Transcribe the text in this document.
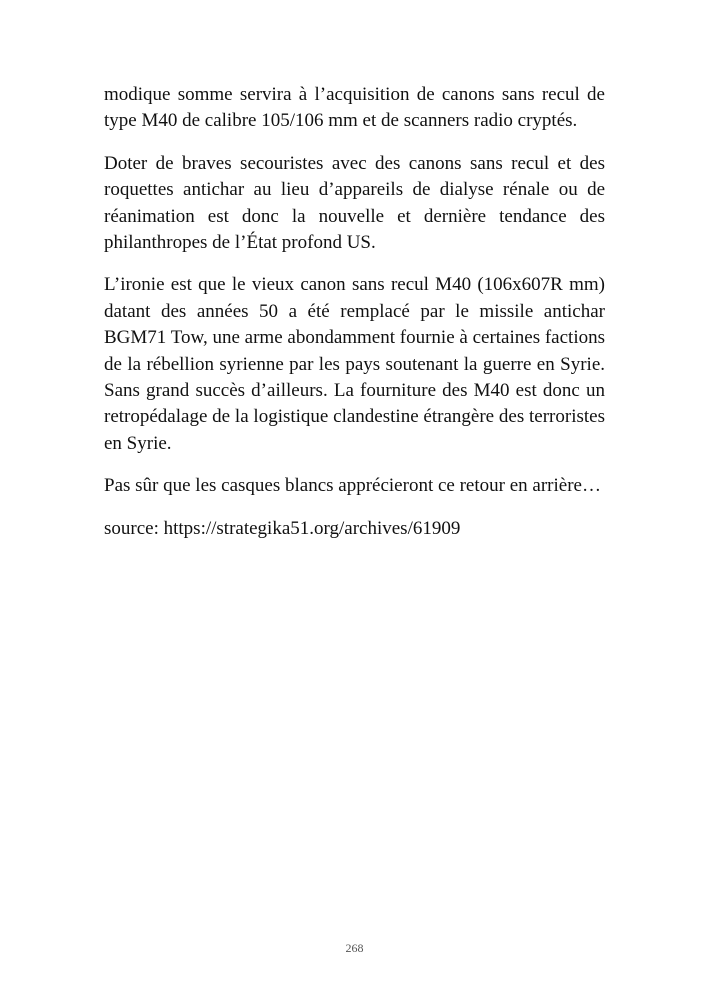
modique somme servira à l’acquisition de canons sans recul de type M40 de calibre 105/106 mm et de scanners radio cryptés.

Doter de braves secouristes avec des canons sans recul et des roquettes antichar au lieu d’appareils de dialyse rénale ou de réanimation est donc la nouvelle et dernière tendance des philanthropes de l’État profond US.

L’ironie est que le vieux canon sans recul M40 (106x607R mm) datant des années 50 a été remplacé par le missile antichar BGM71 Tow, une arme abondamment fournie à certaines factions de la rébellion syrienne par les pays soutenant la guerre en Syrie. Sans grand succès d’ailleurs. La fourniture des M40 est donc un retropédalage de la logistique clandestine étrangère des terroristes en Syrie.

Pas sûr que les casques blancs apprécieront ce retour en arrière…

source: https://strategika51.org/archives/61909

268
